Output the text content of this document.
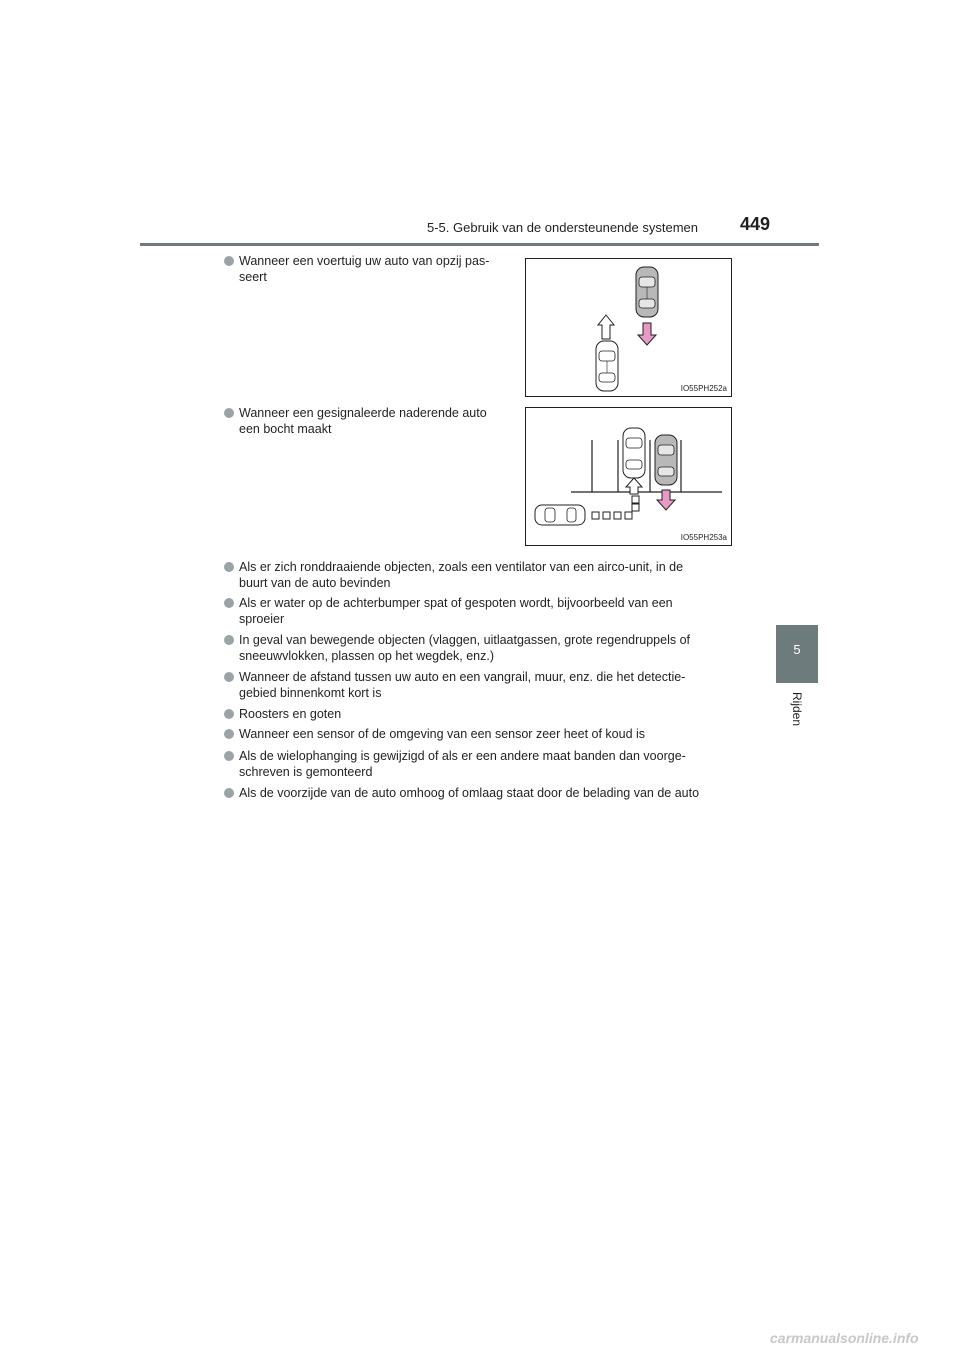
5-5. Gebruik van de ondersteunende systemen 449
5
Rijden
Wanneer een voertuig uw auto van opzij pas-
seert
IO55PH252a
Wanneer een gesignaleerde naderende auto
een bocht maakt
IO55PH253a
Als er zich ronddraaiende objecten, zoals een ventilator van een airco-unit, in de
buurt van de auto bevinden
Als er water op de achterbumper spat of gespoten wordt, bijvoorbeeld van een
sproeier
In geval van bewegende objecten (vlaggen, uitlaatgassen, grote regendruppels of
sneeuwvlokken, plassen op het wegdek, enz.)
Wanneer de afstand tussen uw auto en een vangrail, muur, enz. die het detectie-
gebied binnenkomt kort is
Roosters en goten
Wanneer een sensor of de omgeving van een sensor zeer heet of koud is
Als de wielophanging is gewijzigd of als er een andere maat banden dan voorge-
schreven is gemonteerd
Als de voorzijde van de auto omhoog of omlaag staat door de belading van de auto
carmanualsonline.info
